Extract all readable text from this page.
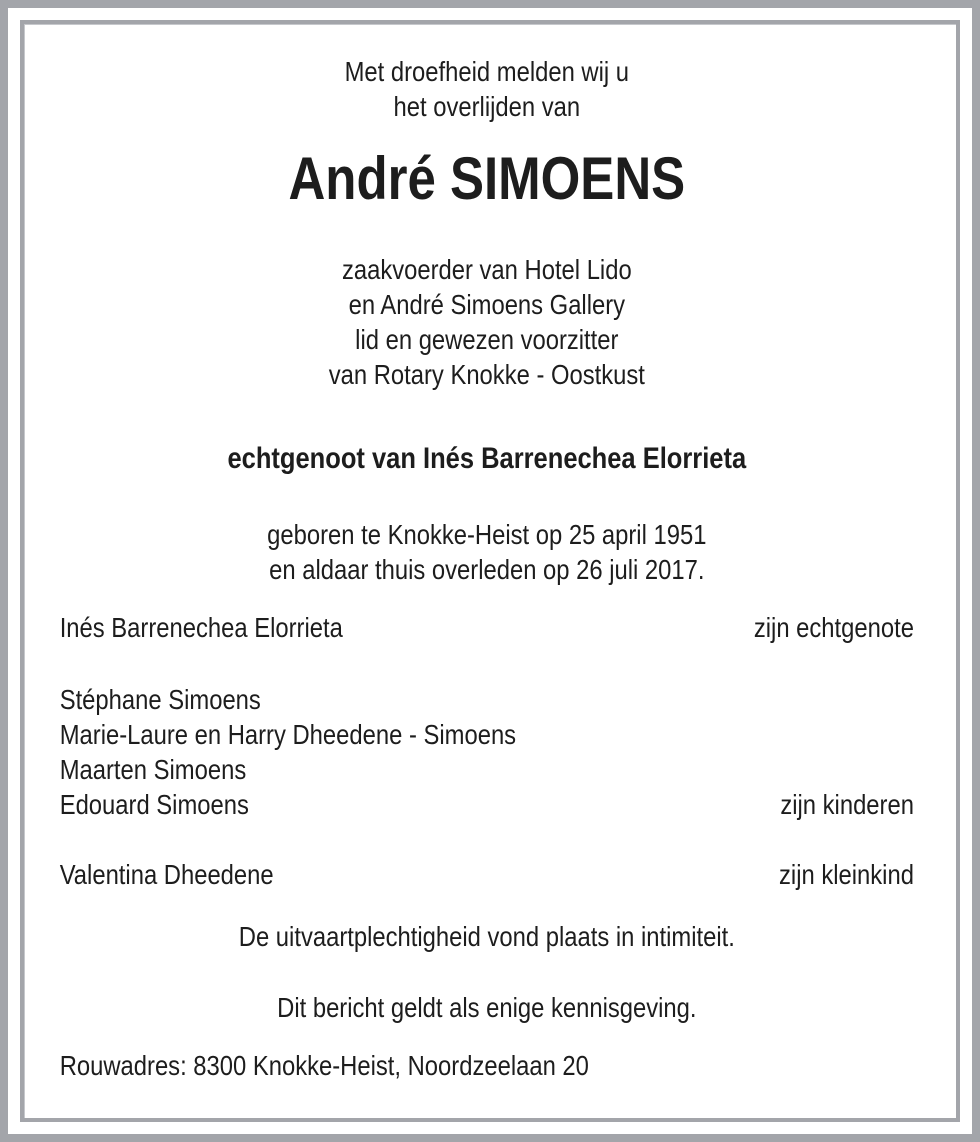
Met droefheid melden wij u

het overlijden van

André SIMOENS

zaakvoerder van Hotel Lido

en André Simoens Gallery

lid en gewezen voorzitter

van Rotary Knokke - Oostkust

echtgenoot van Inés Barrenechea Elorrieta

geboren te Knokke-Heist op 25 april 1951

en aldaar thuis overleden op 26 juli 2017.

Inés Barrenechea Elorrieta	zijn echtgenote

Stéphane Simoens

Marie-Laure en Harry Dheedene - Simoens

Maarten Simoens

Edouard Simoens	zijn kinderen
Valentina Dheedene	zijn kleinkind

De uitvaartplechtigheid vond plaats in intimiteit.

Dit bericht geldt als enige kennisgeving.

Rouwadres: 8300 Knokke-Heist, Noordzeelaan 20
